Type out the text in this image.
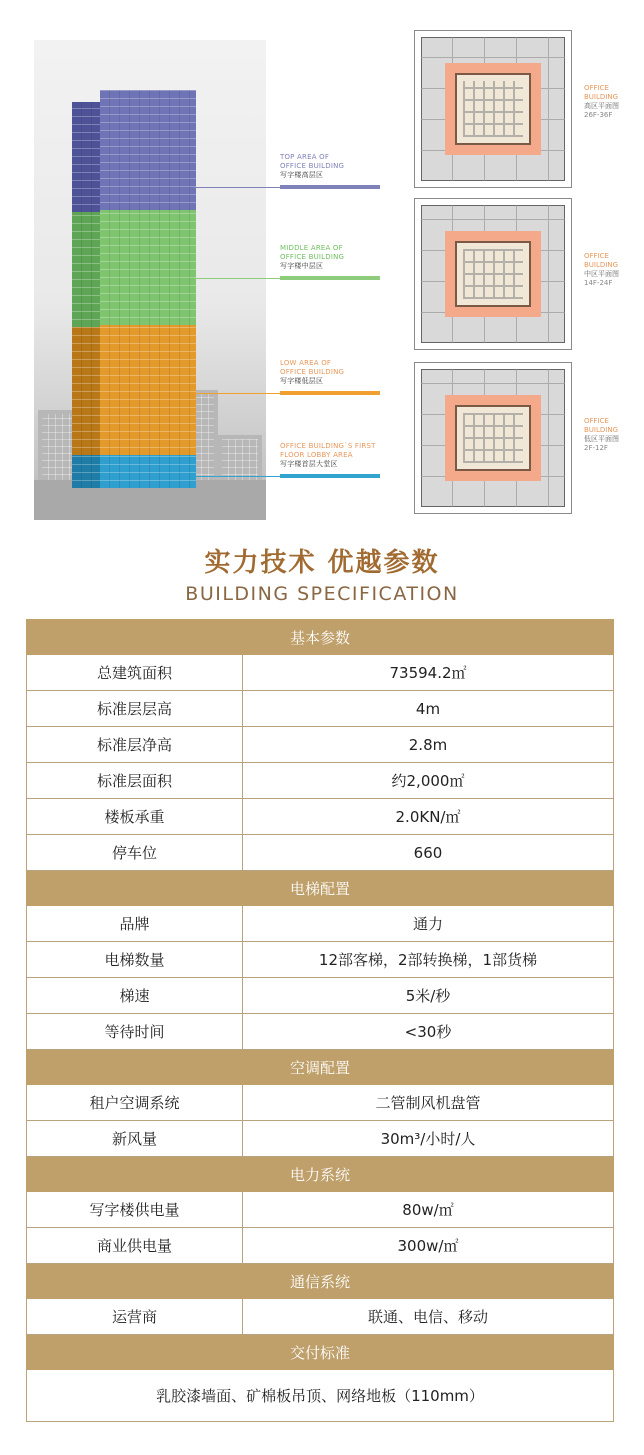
TOP AREA OF
OFFICE BUILDING
写字楼高层区
MIDDLE AREA OF
OFFICE BUILDING
写字楼中层区
LOW AREA OF
OFFICE BUILDING
写字楼低层区
OFFICE BUILDING`S FIRST
FLOOR LOBBY AREA
写字楼首层大堂区
OFFICE
BUILDING
高区平面图
26F-36F
OFFICE
BUILDING
中区平面图
14F-24F
OFFICE
BUILDING
低区平面图
2F-12F
实力技术 优越参数
BUILDING SPECIFICATION
基本参数	
总建筑面积	73594.2㎡
标准层层高	4m
标准层净高	2.8m
标准层面积	约2,000㎡
楼板承重	2.0KN/㎡
停车位	660
电梯配置	
品牌	通力
电梯数量	12部客梯，2部转换梯，1部货梯
梯速	5米/秒
等待时间	<30秒
空调配置	
租户空调系统	二管制风机盘管
新风量	30m³/小时/人
电力系统	
写字楼供电量	80w/㎡
商业供电量	300w/㎡
通信系统	
运营商	联通、电信、移动
交付标准	
乳胶漆墙面、矿棉板吊顶、网络地板（110mm）	
